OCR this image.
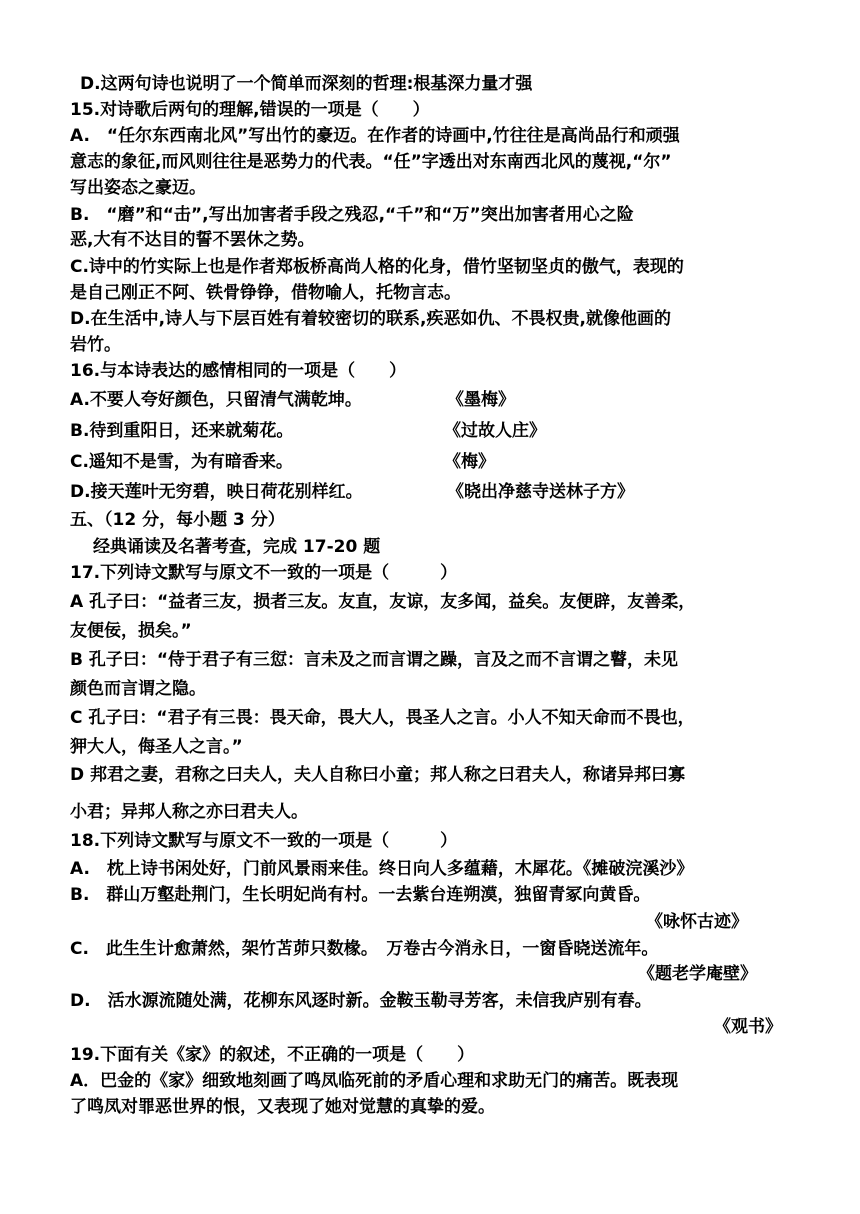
D.这两句诗也说明了一个简单而深刻的哲理:根基深力量才强
15.对诗歌后两句的理解,错误的一项是（　　）
A.　“任尔东西南北风”写出竹的豪迈。在作者的诗画中,竹往往是高尚品行和顽强
意志的象征,而风则往往是恶势力的代表。“任”字透出对东南西北风的蔑视,“尔”
写出姿态之豪迈。
B.　“磨”和“击”,写出加害者手段之残忍,“千”和“万”突出加害者用心之险
恶,大有不达目的誓不罢休之势。
C.诗中的竹实际上也是作者郑板桥高尚人格的化身，借竹坚韧坚贞的傲气，表现的
是自己刚正不阿、铁骨铮铮，借物喻人，托物言志。
D.在生活中,诗人与下层百姓有着较密切的联系,疾恶如仇、不畏权贵,就像他画的
岩竹。
16.与本诗表达的感情相同的一项是（　　）
A.不要人夸好颜色，只留清气满乾坤。	《墨梅》
B.待到重阳日，还来就菊花。	《过故人庄》
C.遥知不是雪，为有暗香来。	《梅》
D.接天莲叶无穷碧，映日荷花别样红。	《晓出净慈寺送林子方》
五、（12 分，每小题 3 分）
　经典诵读及名著考查，完成 17-20 题
17.下列诗文默写与原文不一致的一项是（　　　）
A 孔子曰：“益者三友，损者三友。友直，友谅，友多闻，益矣。友便辟，友善柔，
友便佞，损矣。”
B 孔子曰：“侍于君子有三愆：言未及之而言谓之躁，言及之而不言谓之瞽，未见
颜色而言谓之隐。
C 孔子曰：“君子有三畏：畏天命，畏大人，畏圣人之言。小人不知天命而不畏也，
狎大人，侮圣人之言。”
D 邦君之妻，君称之曰夫人，夫人自称曰小童；邦人称之曰君夫人，称诸异邦曰寡
小君；异邦人称之亦曰君夫人。
18.下列诗文默写与原文不一致的一项是（　　　）
A.　枕上诗书闲处好，门前风景雨来佳。终日向人多蕴藉，木犀花。《摊破浣溪沙》
B.　群山万壑赴荆门，生长明妃尚有村。一去紫台连朔漠，独留青冢向黄昏。
《咏怀古迹》
C.　此生生计愈萧然，架竹苫茆只数椽。　万卷古今消永日，一窗昏晓送流年。
《题老学庵壁》
D.　活水源流随处满，花柳东风逐时新。金鞍玉勒寻芳客，未信我庐别有春。
《观书》
19.下面有关《家》的叙述，不正确的一项是（　　）
A．巴金的《家》细致地刻画了鸣凤临死前的矛盾心理和求助无门的痛苦。既表现
了鸣凤对罪恶世界的恨，又表现了她对觉慧的真挚的爱。
